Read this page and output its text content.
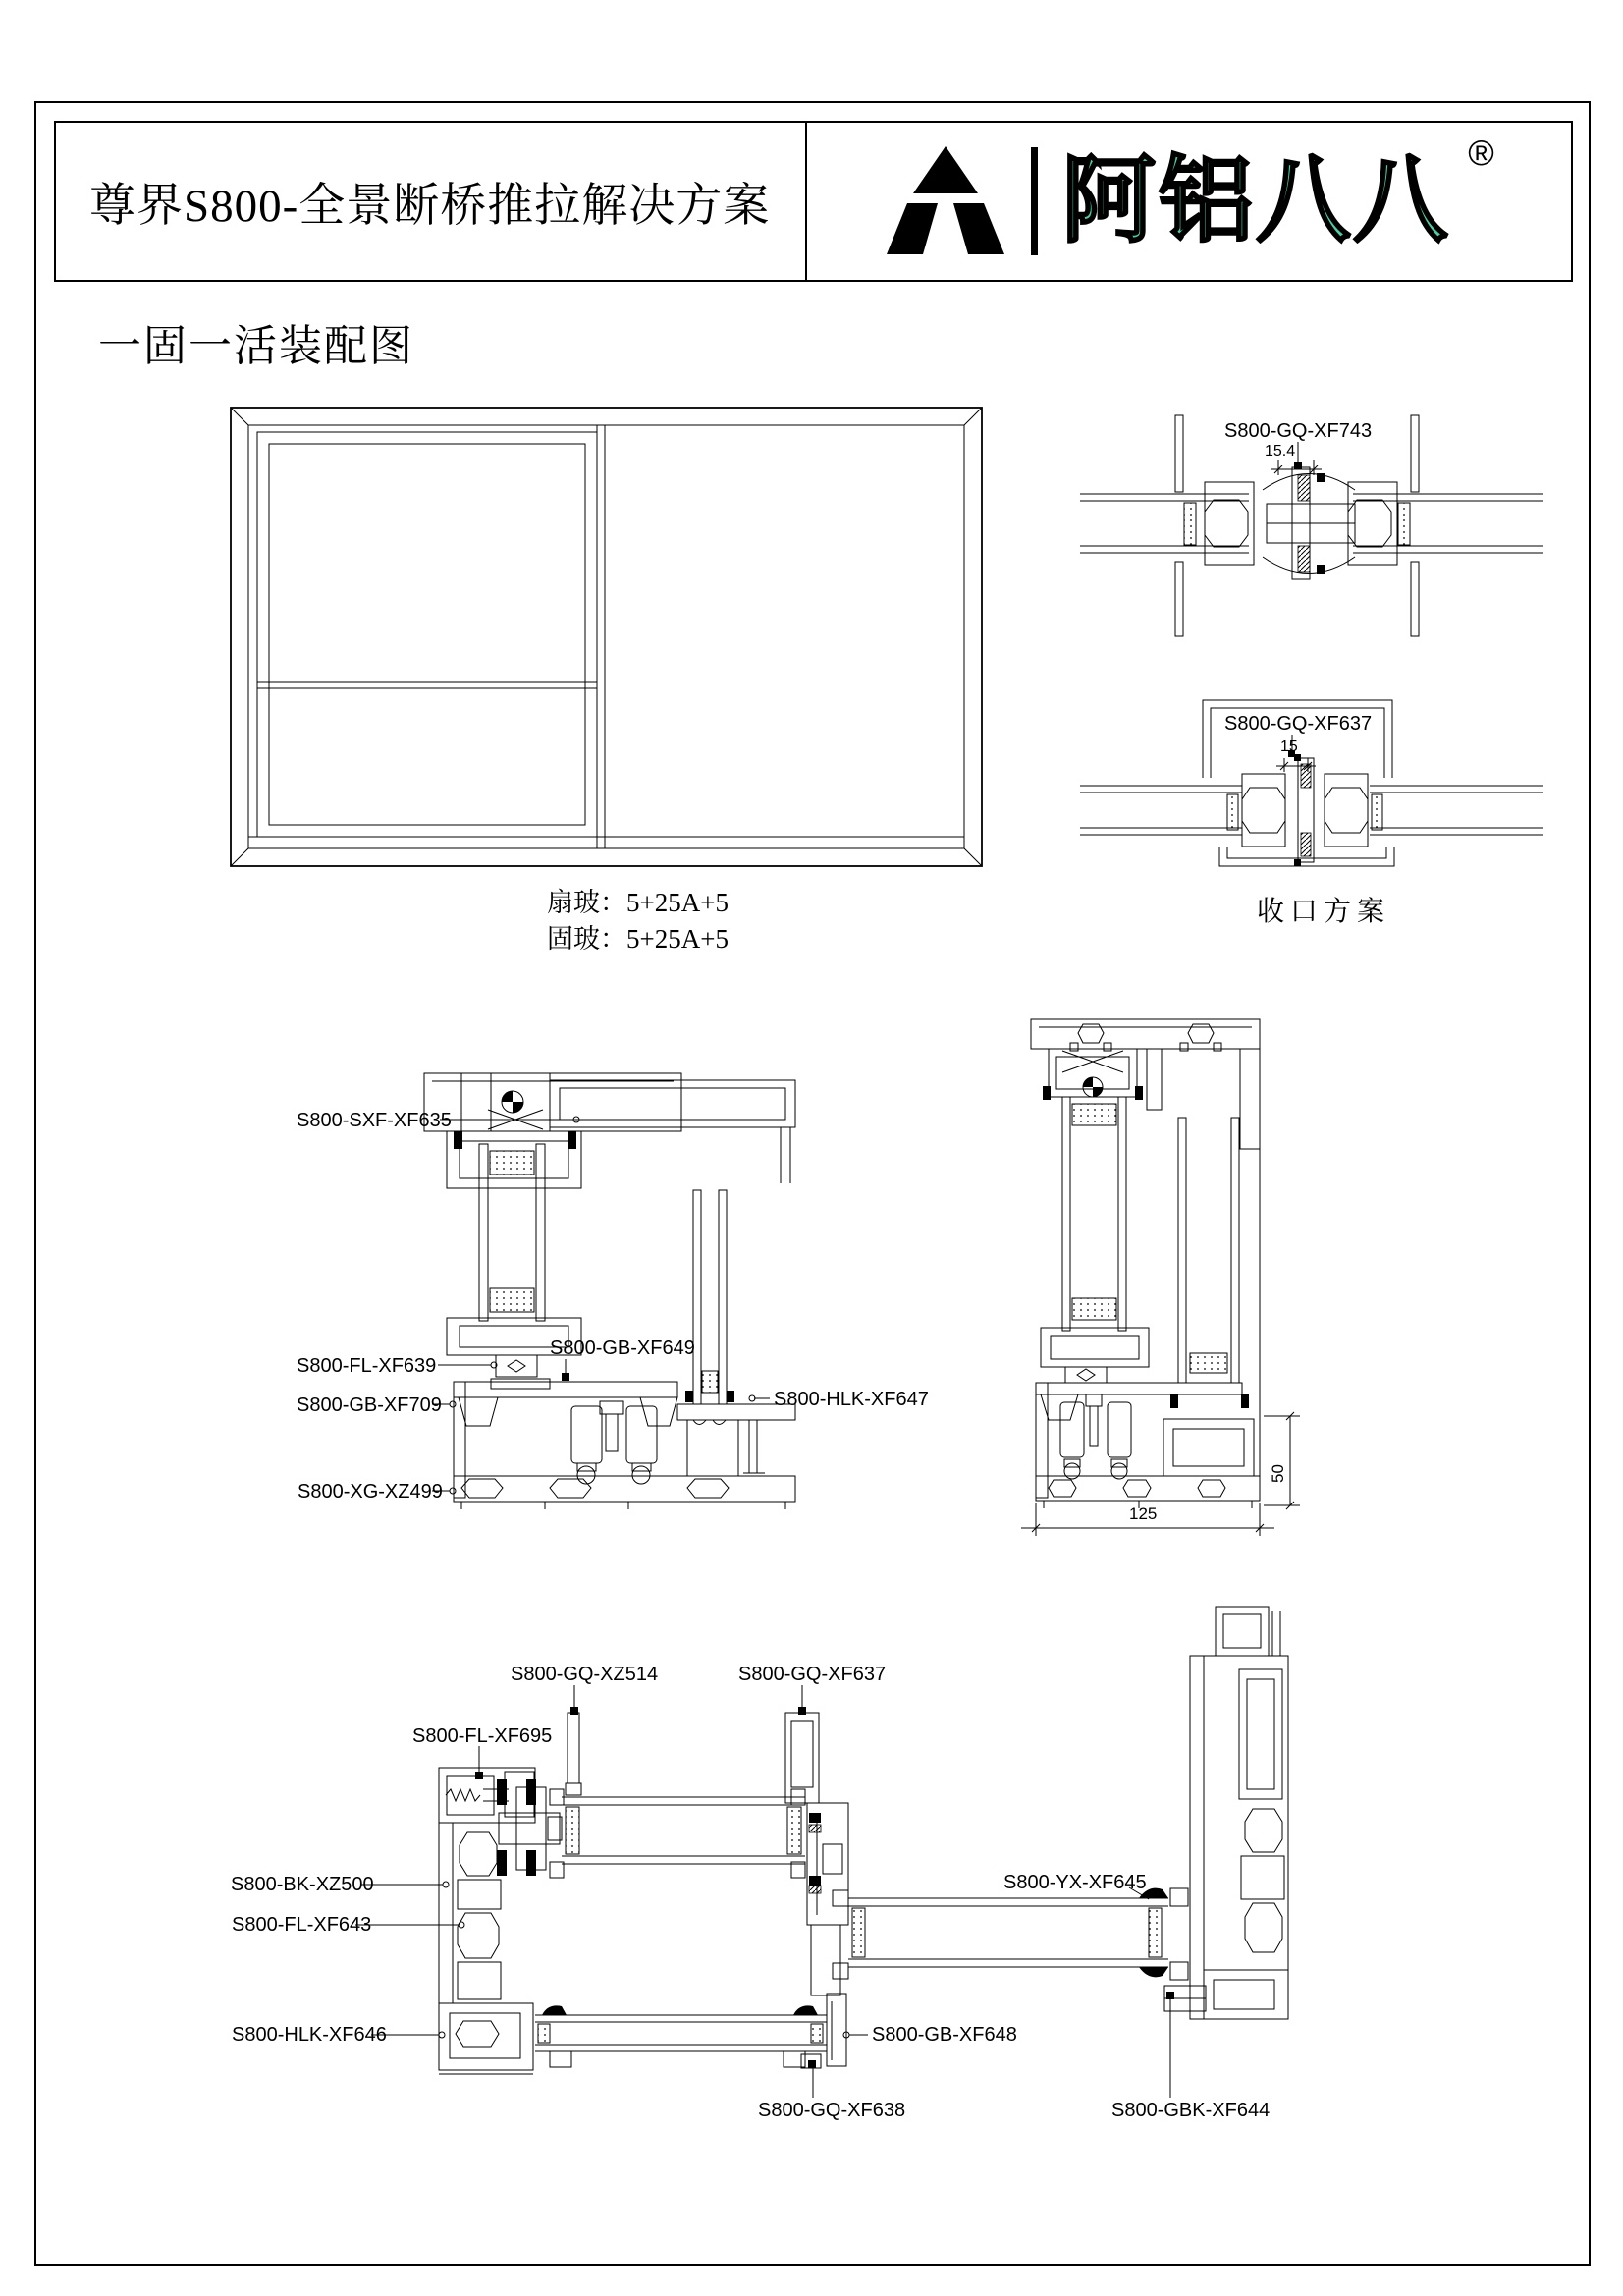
尊界S800-全景断桥推拉解决方案	阿铝八八 ®
一固一活装配图
扇玻：5+25A+5
固玻：5+25A+5
S800-GQ-XF743
15.4
S800-GQ-XF637
15
收口方案
S800-SXF-XF635
S800-FL-XF639
S800-GB-XF649
S800-GB-XF709	S800-HLK-XF647
S800-XG-XZ499
50
125
S800-GQ-XZ514	S800-GQ-XF637
S800-FL-XF695
S800-BK-XZ500
S800-FL-XF643
S800-HLK-XF646	S800-GB-XF648
S800-GQ-XF638
S800-YX-XF645
S800-GBK-XF644
